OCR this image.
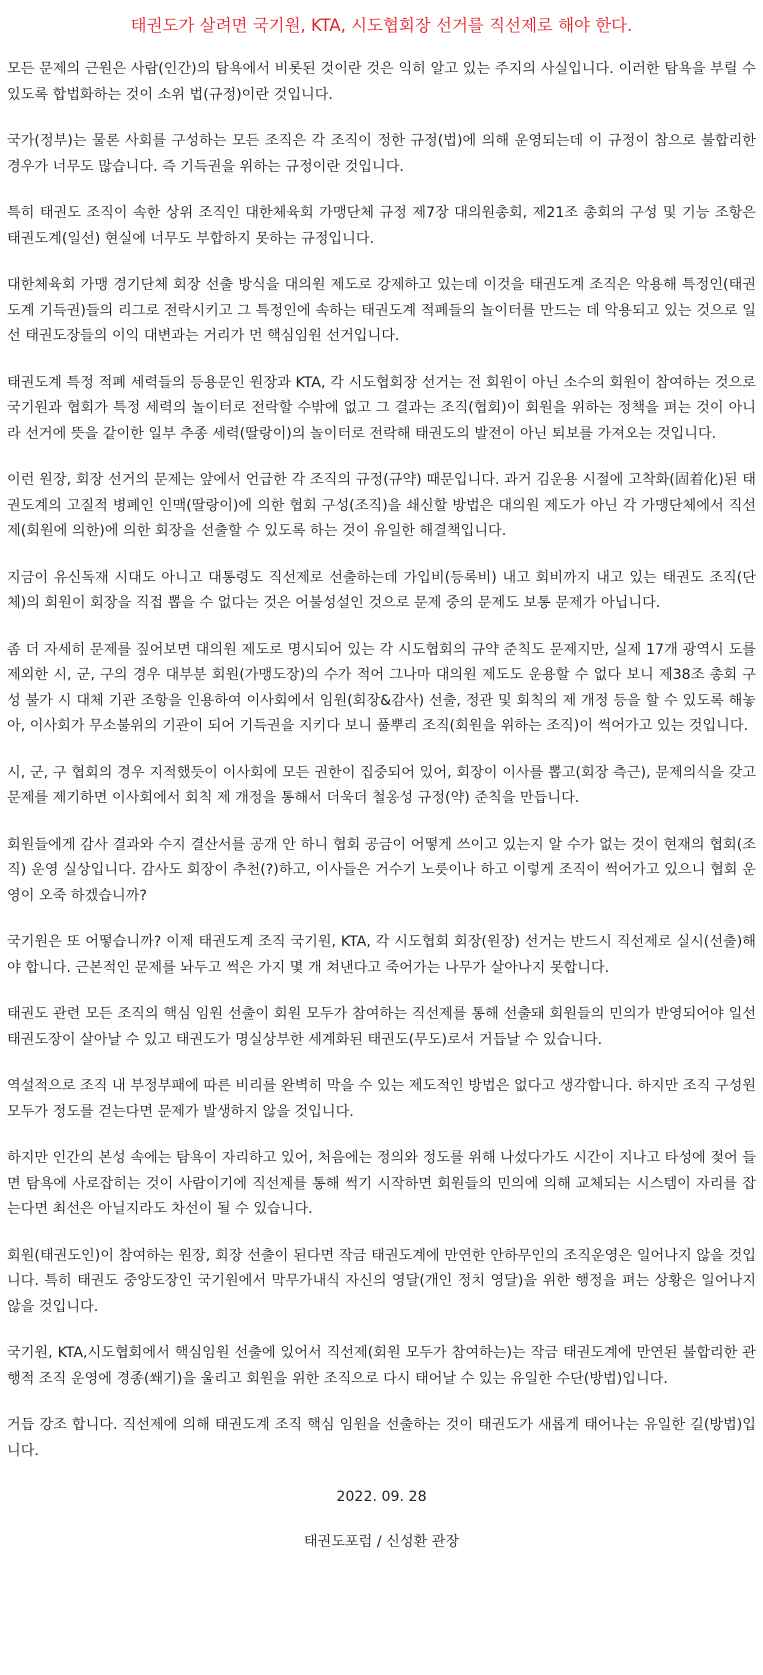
태권도가 살려면 국기원, KTA, 시도협회장 선거를 직선제로 해야 한다.

모든 문제의 근원은 사람(인간)의 탐욕에서 비롯된 것이란 것은 익히 알고 있는 주지의 사실입니다. 이러한 탐욕을 부릴 수 있도록 합법화하는 것이 소위 법(규정)이란 것입니다.

국가(정부)는 물론 사회를 구성하는 모든 조직은 각 조직이 정한 규정(법)에 의해 운영되는데 이 규정이 참으로 불합리한 경우가 너무도 많습니다. 즉 기득권을 위하는 규정이란 것입니다.

특히 태권도 조직이 속한 상위 조직인 대한체육회 가맹단체 규정 제7장 대의원총회, 제21조 총회의 구성 및 기능 조항은 태권도계(일선) 현실에 너무도 부합하지 못하는 규정입니다.

대한체육회 가맹 경기단체 회장 선출 방식을 대의원 제도로 강제하고 있는데 이것을 태권도계 조직은 악용해 특정인(태권도계 기득권)들의 리그로 전락시키고 그 특정인에 속하는 태권도계 적폐들의 놀이터를 만드는 데 악용되고 있는 것으로 일선 태권도장들의 이익 대변과는 거리가 먼 핵심임원 선거입니다.

태권도계 특정 적폐 세력들의 등용문인 원장과 KTA, 각 시도협회장 선거는 전 회원이 아닌 소수의 회원이 참여하는 것으로 국기원과 협회가 특정 세력의 놀이터로 전락할 수밖에 없고 그 결과는 조직(협회)이 회원을 위하는 정책을 펴는 것이 아니라 선거에 뜻을 같이한 일부 추종 세력(딸랑이)의 놀이터로 전락해 태권도의 발전이 아닌 퇴보를 가져오는 것입니다.

이런 원장, 회장 선거의 문제는 앞에서 언급한 각 조직의 규정(규약) 때문입니다. 과거 김운용 시절에 고착화(固着化)된 태권도계의 고질적 병폐인 인맥(딸랑이)에 의한 협회 구성(조직)을 쇄신할 방법은 대의원 제도가 아닌 각 가맹단체에서 직선제(회원에 의한)에 의한 회장을 선출할 수 있도록 하는 것이 유일한 해결책입니다.

지금이 유신독재 시대도 아니고 대통령도 직선제로 선출하는데 가입비(등록비) 내고 회비까지 내고 있는 태권도 조직(단체)의 회원이 회장을 직접 뽑을 수 없다는 것은 어불성설인 것으로 문제 중의 문제도 보통 문제가 아닙니다.

좀 더 자세히 문제를 짚어보면 대의원 제도로 명시되어 있는 각 시도협회의 규약 준칙도 문제지만, 실제 17개 광역시 도를 제외한 시, 군, 구의 경우 대부분 회원(가맹도장)의 수가 적어 그나마 대의원 제도도 운용할 수 없다 보니 제38조 총회 구성 불가 시 대체 기관 조항을 인용하여 이사회에서 임원(회장&감사) 선출, 정관 및 회칙의 제 개정 등을 할 수 있도록 해놓아, 이사회가 무소불위의 기관이 되어 기득권을 지키다 보니 풀뿌리 조직(회원을 위하는 조직)이 썩어가고 있는 것입니다.

시, 군, 구 협회의 경우 지적했듯이 이사회에 모든 권한이 집중되어 있어, 회장이 이사를 뽑고(회장 측근), 문제의식을 갖고 문제를 제기하면 이사회에서 회칙 제 개정을 통해서 더욱더 철옹성 규정(약) 준칙을 만듭니다.

회원들에게 감사 결과와 수지 결산서를 공개 안 하니 협회 공금이 어떻게 쓰이고 있는지 알 수가 없는 것이 현재의 협회(조직) 운영 실상입니다. 감사도 회장이 추천(?)하고, 이사들은 거수기 노릇이나 하고 이렇게 조직이 썩어가고 있으니 협회 운영이 오죽 하겠습니까?

국기원은 또 어떻습니까? 이제 태권도계 조직 국기원, KTA, 각 시도협회 회장(원장) 선거는 반드시 직선제로 실시(선출)해야 합니다. 근본적인 문제를 놔두고 썩은 가지 몇 개 쳐낸다고 죽어가는 나무가 살아나지 못합니다.

태권도 관련 모든 조직의 핵심 임원 선출이 회원 모두가 참여하는 직선제를 통해 선출돼 회원들의 민의가 반영되어야 일선 태권도장이 살아날 수 있고 태권도가 명실상부한 세계화된 태권도(무도)로서 거듭날 수 있습니다.

역설적으로 조직 내 부정부패에 따른 비리를 완벽히 막을 수 있는 제도적인 방법은 없다고 생각합니다. 하지만 조직 구성원 모두가 정도를 걷는다면 문제가 발생하지 않을 것입니다.

하지만 인간의 본성 속에는 탐욕이 자리하고 있어, 처음에는 정의와 정도를 위해 나섰다가도 시간이 지나고 타성에 젖어 들면 탐욕에 사로잡히는 것이 사람이기에 직선제를 통해 썩기 시작하면 회원들의 민의에 의해 교체되는 시스템이 자리를 잡는다면 최선은 아닐지라도 차선이 될 수 있습니다.

회원(태권도인)이 참여하는 원장, 회장 선출이 된다면 작금 태권도계에 만연한 안하무인의 조직운영은 일어나지 않을 것입니다. 특히 태권도 중앙도장인 국기원에서 막무가내식 자신의 영달(개인 정치 영달)을 위한 행정을 펴는 상황은 일어나지 않을 것입니다.

국기원, KTA,시도협회에서 핵심임원 선출에 있어서 직선제(회원 모두가 참여하는)는 작금 태권도계에 만연된 불합리한 관행적 조직 운영에 경종(쐐기)을 울리고 회원을 위한 조직으로 다시 태어날 수 있는 유일한 수단(방법)입니다.

거듭 강조 합니다. 직선제에 의해 태권도계 조직 핵심 임원을 선출하는 것이 태권도가 새롭게 태어나는 유일한 길(방법)입니다.

2022. 09. 28
태권도포럼 / 신성환 관장
